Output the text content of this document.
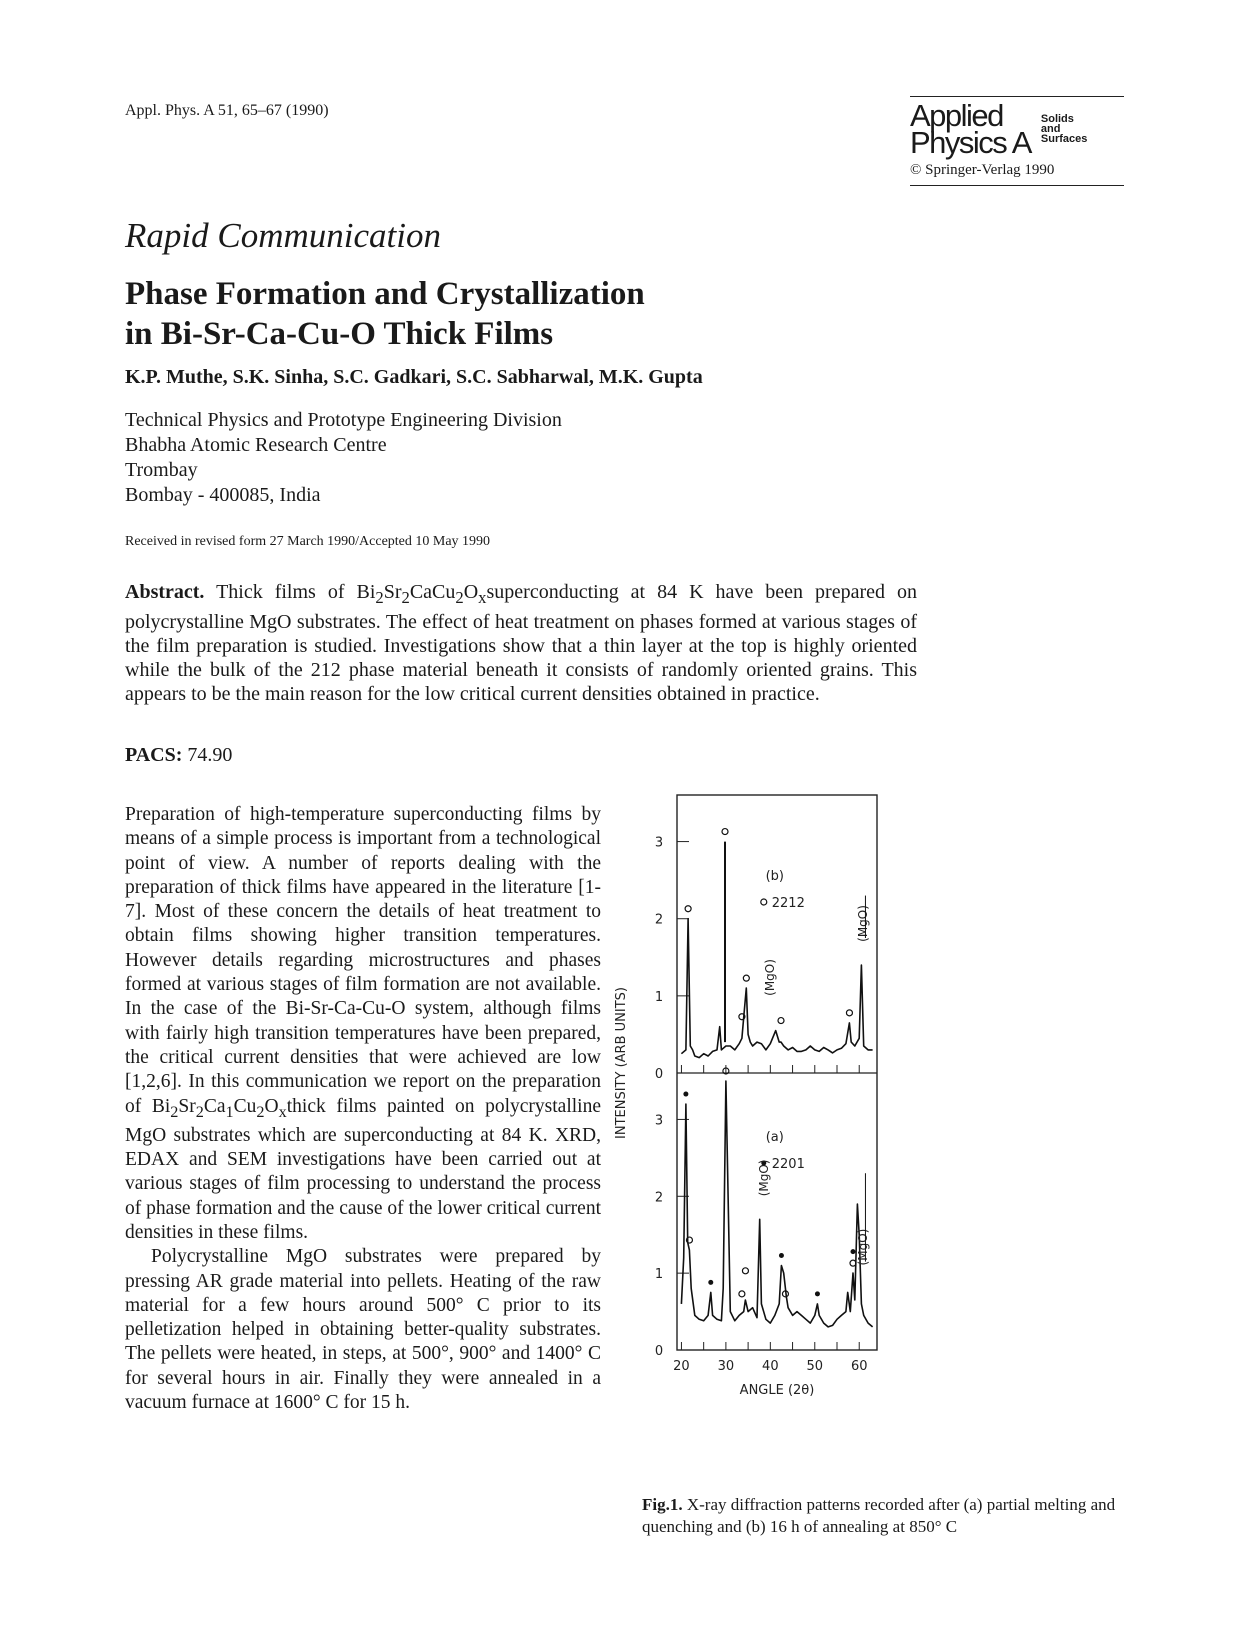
Appl. Phys. A 51, 65–67 (1990)	Applied
Physics A
Solids
and
Surfaces
© Springer-Verlag 1990
Rapid Communication
Phase Formation and Crystallization
in Bi-Sr-Ca-Cu-O Thick Films
K.P. Muthe, S.K. Sinha, S.C. Gadkari, S.C. Sabharwal, M.K. Gupta
Technical Physics and Prototype Engineering Division
Bhabha Atomic Research Centre
Trombay
Bombay - 400085, India
Received in revised form 27 March 1990/Accepted 10 May 1990
Abstract. Thick films of $Bi_2Sr_2CaCu_2O_xsuperconducting$ at 84 K have been prepared on polycrystalline MgO substrates. The effect of heat treatment on phases formed at various stages of the film preparation is studied. Investigations show that a thin layer at the top is highly oriented while the bulk of the 212 phase material beneath it consists of randomly oriented grains. This appears to be the main reason for the low critical current densities obtained in practice.
PACS: 74.90

Preparation of high-temperature superconducting films by means of a simple process is important from a technological point of view. A number of reports dealing with the preparation of thick films have appeared in the literature [1-7]. Most of these concern the details of heat treatment to obtain films showing higher transition temperatures. However details regarding microstructures and phases formed at various stages of film formation are not available. In the case of the Bi-Sr-Ca-Cu-O system, although films with fairly high transition temperatures have been prepared, the critical current densities that were achieved are low [1,2,6]. In this communication we report on the preparation of $Bi_2Sr_2Ca_1Cu_2O_xthick$ films painted on polycrystalline MgO substrates which are superconducting at 84 K. XRD, EDAX and SEM investigations have been carried out at various stages of film processing to understand the process of phase formation and the cause of the lower critical current densities in these films.

Polycrystalline MgO substrates were prepared by pressing AR grade material into pellets. Heating of the raw material for a few hours around 500° C prior to its pelletization helped in obtaining better-quality substrates. The pellets were heated, in steps, at 500°, 900° and 1400° C for several hours in air. Finally they were annealed in a vacuum furnace at 1600° C for 15 h.

0
1
2
3
(b)
2212
(MgO)
(MgO)
0
1
2
3
(a)
2201
(MgO)
(MgO)
20 30 40 50 60
ANGLE (2θ)
INTENSITY (ARB UNITS)
Fig.1. X-ray diffraction patterns recorded after (a) partial melting and quenching and (b) 16 h of annealing at 850° C
